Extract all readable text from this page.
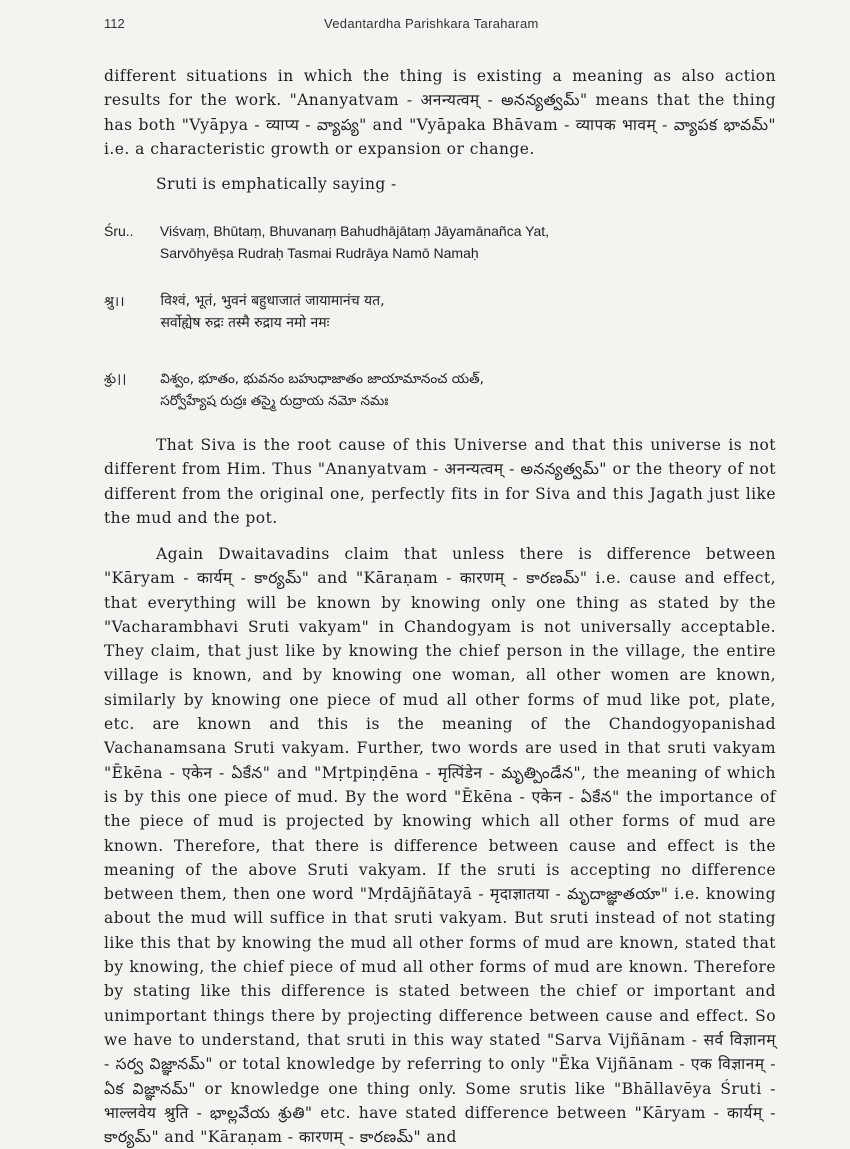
112	Vedantardha Parishkara Taraharam
different situations in which the thing is existing a meaning as also action results for the work. "Ananyatvam - अनन्यत्वम् - అనన్యత్వమ్" means that the thing has both "Vyāpya - व्याप्य - వ్యాప్య" and "Vyāpaka Bhāvam - व्यापक भावम् - వ్యాపక భావమ్" i.e. a characteristic growth or expansion or change.
Sruti is emphatically saying -
Śru.. Viśvaṃ, Bhūtaṃ, Bhuvanaṃ Bahudhājātaṃ Jāyamānañca Yat,
Sarvōhyēṣa Rudraḥ Tasmai Rudrāya Namō Namaḥ
श्रु।।	विश्वं, भूतं, भुवनं बहुधाजातं जायामानंच यत,
सर्वोह्येष रुद्रः तस्मै रुद्राय नमो नमः
శ్రు।।	విశ్వం, భూతం, భువనం బహుధాజాతం జాయామానంచ యత్,
సర్వోహ్యేష రుద్రః తస్మై రుద్రాయ నమో నమః
That Siva is the root cause of this Universe and that this universe is not different from Him. Thus "Ananyatvam - अनन्यत्वम् - అనన్యత్వమ్" or the theory of not different from the original one, perfectly fits in for Siva and this Jagath just like the mud and the pot.
Again Dwaitavadins claim that unless there is difference between "Kāryam - कार्यम् - కార్యమ్" and "Kāraṇam - कारणम् - కారణమ్" i.e. cause and effect, that everything will be known by knowing only one thing as stated by the "Vacharambhavi Sruti vakyam" in Chandogyam is not universally acceptable. They claim, that just like by knowing the chief person in the village, the entire village is known, and by knowing one woman, all other women are known, similarly by knowing one piece of mud all other forms of mud like pot, plate, etc. are known and this is the meaning of the Chandogyopanishad Vachanamsana Sruti vakyam. Further, two words are used in that sruti vakyam "Ēkēna - एकेन - ఏకేన" and "Mṛtpiṇḍēna - मृत्पिंडेन - మృత్పిండేన", the meaning of which is by this one piece of mud. By the word "Ēkēna - एकेन - ఏకేన" the importance of the piece of mud is projected by knowing which all other forms of mud are known. Therefore, that there is difference between cause and effect is the meaning of the above Sruti vakyam. If the sruti is accepting no difference between them, then one word "Mṛdājñātayā - मृदाज्ञातया - మృదాజ్ఞాతయా" i.e. knowing about the mud will suffice in that sruti vakyam. But sruti instead of not stating like this that by knowing the mud all other forms of mud are known, stated that by knowing, the chief piece of mud all other forms of mud are known. Therefore by stating like this difference is stated between the chief or important and unimportant things there by projecting difference between cause and effect. So we have to understand, that sruti in this way stated "Sarva Vijñānam - सर्व विज्ञानम् - సర్వ విజ్ఞానమ్" or total knowledge by referring to only "Ēka Vijñānam - एक विज्ञानम् - ఏక విజ్ఞానమ్" or knowledge one thing only. Some srutis like "Bhāllavēya Śruti - भाल्लवेय श्रुति - భాల్లవేయ శ్రుతి" etc. have stated difference between "Kāryam - कार्यम् - కార్యమ్" and "Kāraṇam - कारणम् - కారణమ్" and
